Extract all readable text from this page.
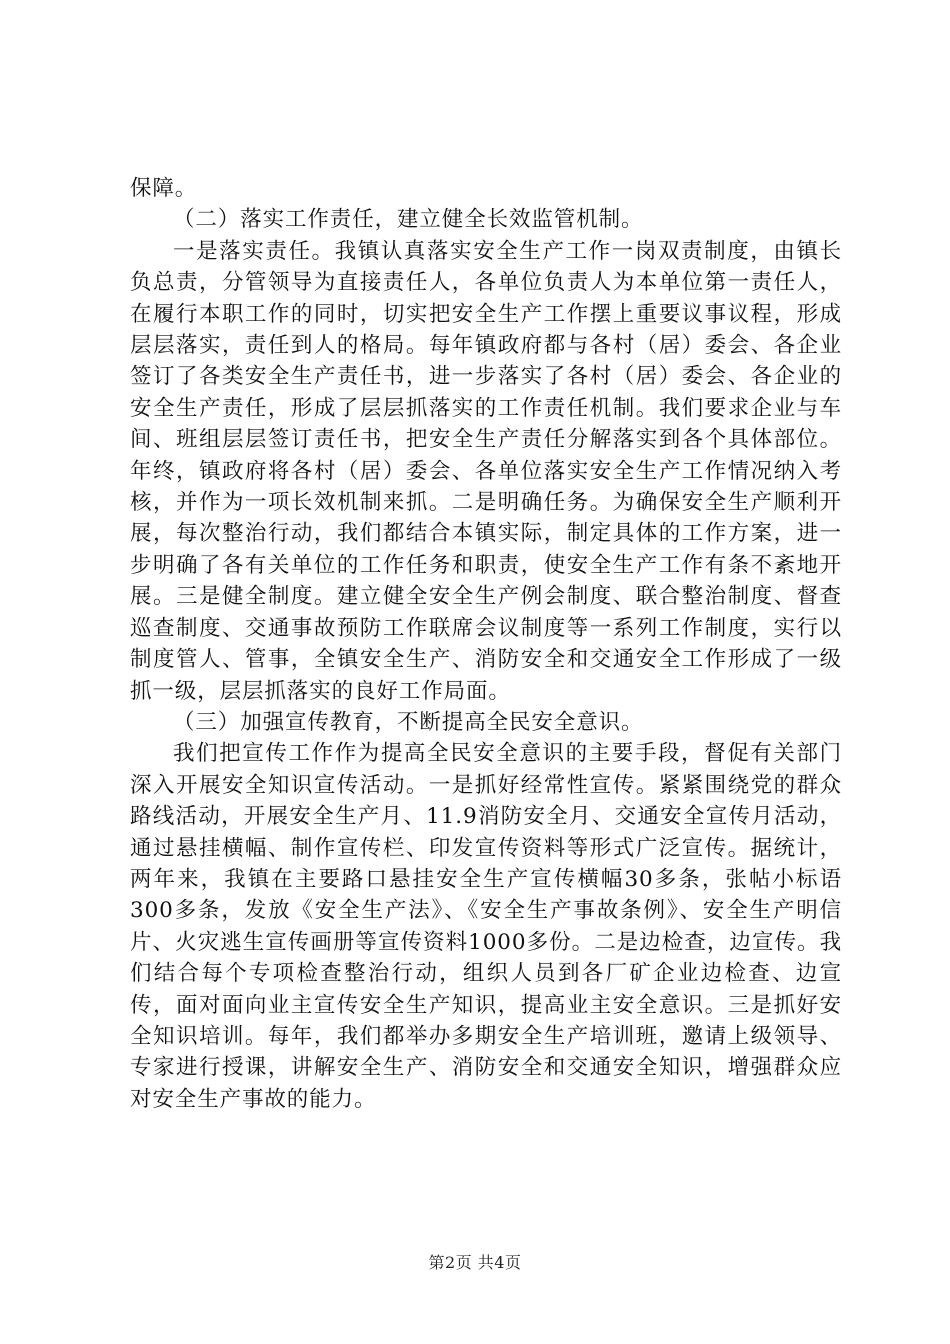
保障。

（二）落实工作责任，建立健全长效监管机制。

一是落实责任。我镇认真落实安全生产工作一岗双责制度，由镇长负总责，分管领导为直接责任人，各单位负责人为本单位第一责任人，在履行本职工作的同时，切实把安全生产工作摆上重要议事议程，形成层层落实，责任到人的格局。每年镇政府都与各村（居）委会、各企业签订了各类安全生产责任书，进一步落实了各村（居）委会、各企业的安全生产责任，形成了层层抓落实的工作责任机制。我们要求企业与车间、班组层层签订责任书，把安全生产责任分解落实到各个具体部位。年终，镇政府将各村（居）委会、各单位落实安全生产工作情况纳入考核，并作为一项长效机制来抓。二是明确任务。为确保安全生产顺利开展，每次整治行动，我们都结合本镇实际，制定具体的工作方案，进一步明确了各有关单位的工作任务和职责，使安全生产工作有条不紊地开展。三是健全制度。建立健全安全生产例会制度、联合整治制度、督查巡查制度、交通事故预防工作联席会议制度等一系列工作制度，实行以制度管人、管事，全镇安全生产、消防安全和交通安全工作形成了一级抓一级，层层抓落实的良好工作局面。

（三）加强宣传教育，不断提高全民安全意识。

我们把宣传工作作为提高全民安全意识的主要手段，督促有关部门深入开展安全知识宣传活动。一是抓好经常性宣传。紧紧围绕党的群众路线活动，开展安全生产月、11.9消防安全月、交通安全宣传月活动，通过悬挂横幅、制作宣传栏、印发宣传资料等形式广泛宣传。据统计，两年来，我镇在主要路口悬挂安全生产宣传横幅30多条，张帖小标语300多条，发放《安全生产法》、《安全生产事故条例》、安全生产明信片、火灾逃生宣传画册等宣传资料1000多份。二是边检查，边宣传。我们结合每个专项检查整治行动，组织人员到各厂矿企业边检查、边宣传，面对面向业主宣传安全生产知识，提高业主安全意识。三是抓好安全知识培训。每年，我们都举办多期安全生产培训班，邀请上级领导、专家进行授课，讲解安全生产、消防安全和交通安全知识，增强群众应对安全生产事故的能力。

第2页 共4页
